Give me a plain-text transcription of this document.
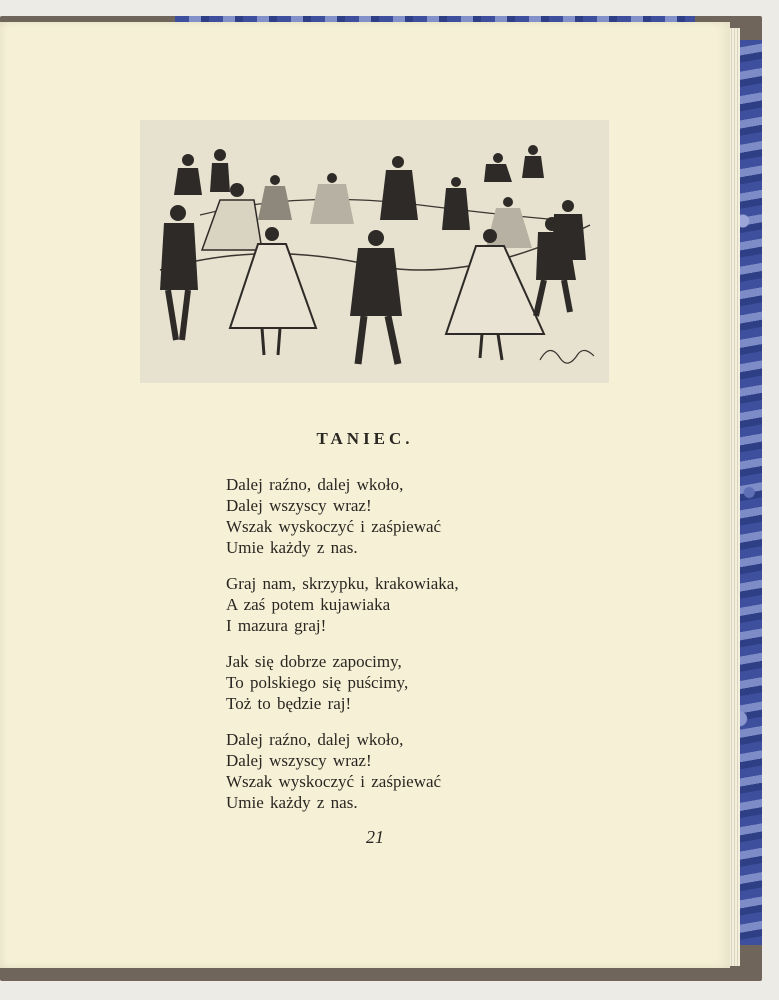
TANIEC.
Dalej raźno, dalej wkoło,
Dalej wszyscy wraz!
Wszak wyskoczyć i zaśpiewać
Umie każdy z nas.
Graj nam, skrzypku, krakowiaka,
A zaś potem kujawiaka
I mazura graj!
Jak się dobrze zapocimy,
To polskiego się puścimy,
Toż to będzie raj!
Dalej raźno, dalej wkoło,
Dalej wszyscy wraz!
Wszak wyskoczyć i zaśpiewać
Umie każdy z nas.
21
